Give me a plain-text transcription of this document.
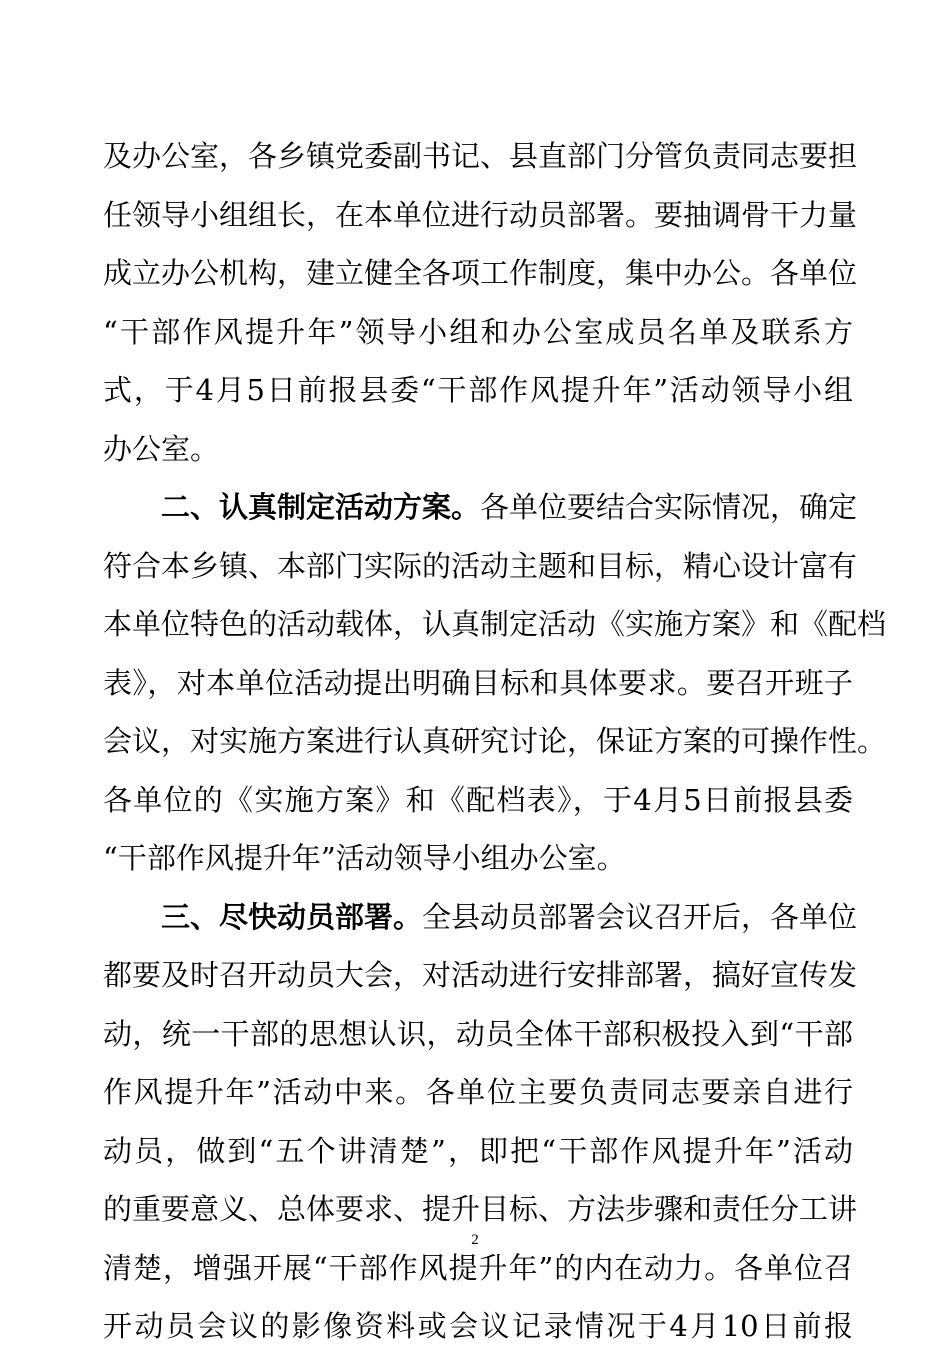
及办公室，各乡镇党委副书记、县直部门分管负责同志要担
任领导小组组长，在本单位进行动员部署。要抽调骨干力量
成立办公机构，建立健全各项工作制度，集中办公。各单位
“干部作风提升年”领导小组和办公室成员名单及联系方
式，于4月5日前报县委“干部作风提升年”活动领导小组
办公室。
二、认真制定活动方案。各单位要结合实际情况，确定
符合本乡镇、本部门实际的活动主题和目标，精心设计富有
本单位特色的活动载体，认真制定活动《实施方案》和《配档
表》，对本单位活动提出明确目标和具体要求。要召开班子
会议，对实施方案进行认真研究讨论，保证方案的可操作性。
各单位的《实施方案》和《配档表》，于4月5日前报县委
“干部作风提升年”活动领导小组办公室。
三、尽快动员部署。全县动员部署会议召开后，各单位
都要及时召开动员大会，对活动进行安排部署，搞好宣传发
动，统一干部的思想认识，动员全体干部积极投入到“干部
作风提升年”活动中来。各单位主要负责同志要亲自进行
动员，做到“五个讲清楚”，即把“干部作风提升年”活动
的重要意义、总体要求、提升目标、方法步骤和责任分工讲
清楚，增强开展“干部作风提升年”的内在动力。各单位召
开动员会议的影像资料或会议记录情况于4月10日前报
2
